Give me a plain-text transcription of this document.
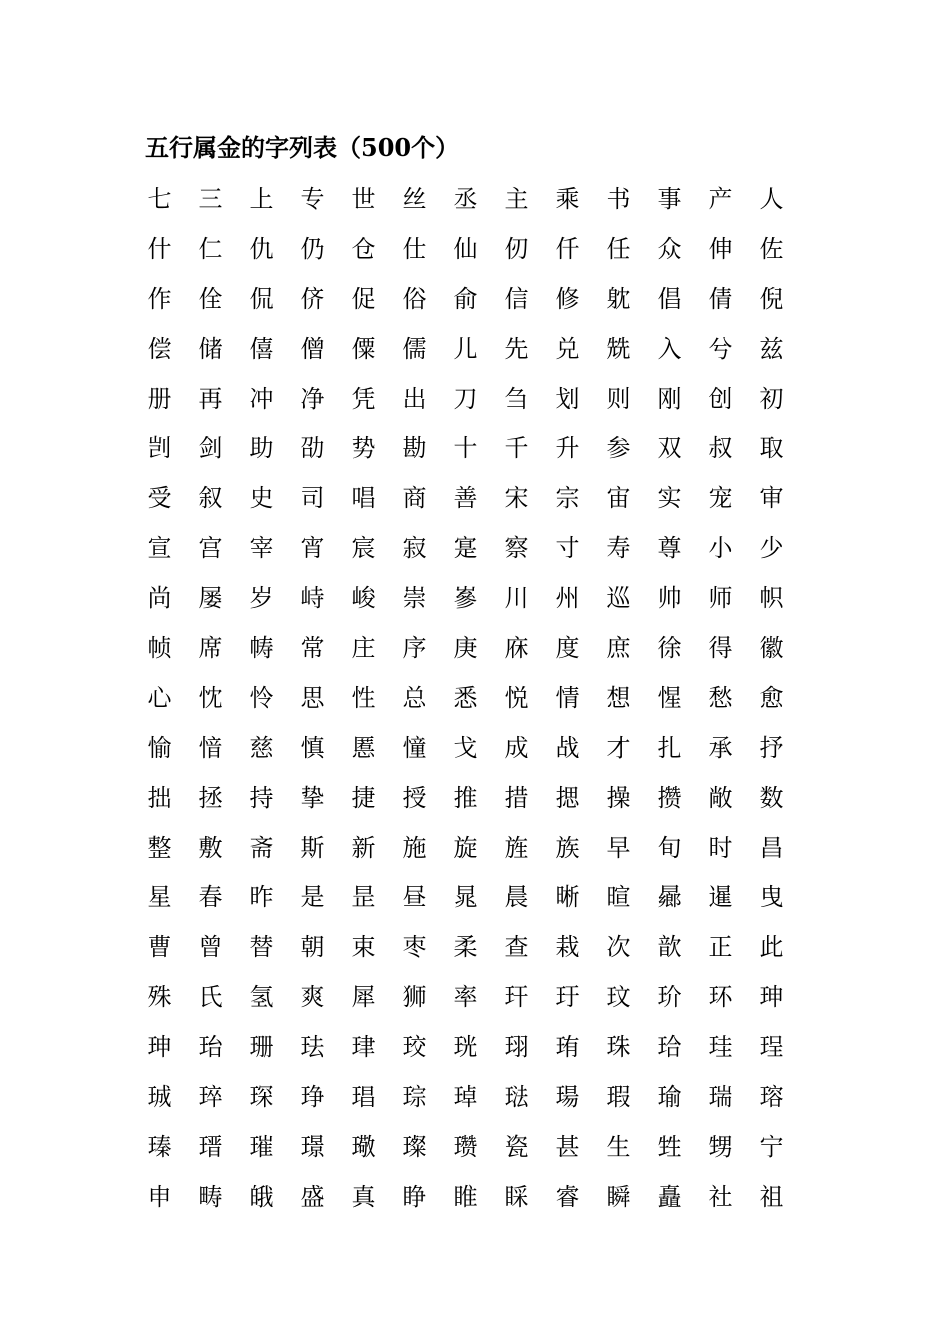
五行属金的字列表（500个）
七	三	上	专	世	丝	丞	主	乘	书	事	产	人
什	仁	仇	仍	仓	仕	仙	仞	仟	任	众	伸	佐
作	佺	侃	侪	促	俗	俞	信	修	躭	倡	倩	倪
偿	储	僖	僧	僳	儒	儿	先	兑	兟	入	兮	兹
册	再	冲	净	凭	出	刀	刍	划	则	刚	创	初
剀	剑	助	劭	势	勘	十	千	升	参	双	叔	取
受	叙	史	司	唱	商	善	宋	宗	宙	实	宠	审
宣	宫	宰	宵	宸	寂	寔	察	寸	寿	尊	小	少
尚	屡	岁	峙	峻	崇	嵾	川	州	巡	帅	师	帜
帧	席	帱	常	庄	序	庚	庥	度	庶	徐	得	徽
心	忱	怜	思	性	总	悉	悦	情	想	惺	愁	愈
愉	愔	慈	慎	慝	憧	戈	成	战	才	扎	承	抒
拙	拯	持	挚	捷	授	推	措	揌	操	攒	敞	数
整	敷	斋	斯	新	施	旋	旌	族	早	旬	时	昌
星	春	昨	是	昰	昼	晁	晨	晰	暄	曏	暹	曳
曹	曾	替	朝	束	枣	柔	查	栽	次	歆	正	此
殊	氏	氢	爽	犀	狮	率	玕	玗	玟	玠	环	珅
珅	珆	珊	珐	珒	珓	珖	珝	珛	珠	珨	珪	珵
珹	琗	琛	琤	琩	琮	琸	琺	瑒	瑕	瑜	瑞	瑢
瑧	瑨	璀	璟	璥	璨	瓒	瓷	甚	生	甡	甥	宁
申	畴	皒	盛	真	睁	睢	睬	睿	瞬	矗	社	祖
